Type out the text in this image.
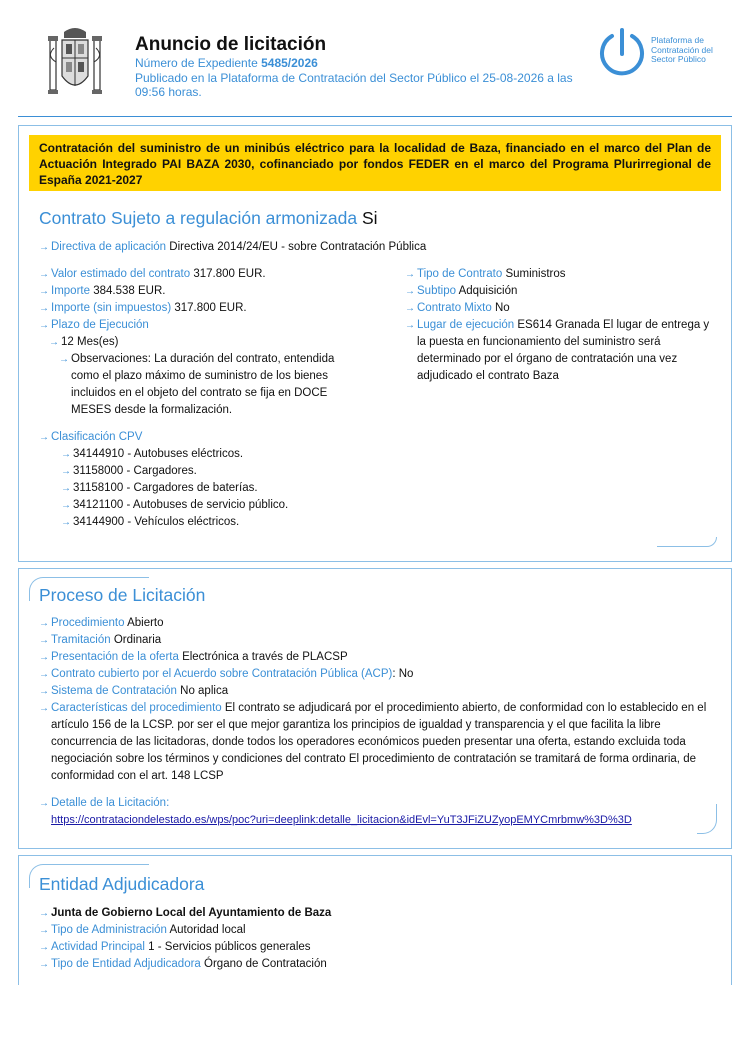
Anuncio de licitación
Número de Expediente 5485/2026
Publicado en la Plataforma de Contratación del Sector Público el 25-08-2026 a las 09:56 horas.
Plataforma de Contratación del Sector Público
Contratación del suministro de un minibús eléctrico para la localidad de Baza, financiado en el marco del Plan de Actuación Integrado PAI BAZA 2030, cofinanciado por fondos FEDER en el marco del Programa Plurirregional de España 2021-2027
Contrato Sujeto a regulación armonizada Si
→ Directiva de aplicación Directiva 2014/24/EU - sobre Contratación Pública
→ Valor estimado del contrato 317.800 EUR.
→ Importe 384.538 EUR.
→ Importe (sin impuestos) 317.800 EUR.
→ Plazo de Ejecución
→ 12 Mes(es)
→ Observaciones: La duración del contrato, entendida como el plazo máximo de suministro de los bienes incluidos en el objeto del contrato se fija en DOCE MESES desde la formalización.
→ Clasificación CPV
→ 34144910 - Autobuses eléctricos.
→ 31158000 - Cargadores.
→ 31158100 - Cargadores de baterías.
→ 34121100 - Autobuses de servicio público.
→ 34144900 - Vehículos eléctricos.
→ Tipo de Contrato Suministros
→ Subtipo Adquisición
→ Contrato Mixto No
→ Lugar de ejecución ES614 Granada El lugar de entrega y la puesta en funcionamiento del suministro será determinado por el órgano de contratación una vez adjudicado el contrato Baza
Proceso de Licitación
→ Procedimiento Abierto
→ Tramitación Ordinaria
→ Presentación de la oferta Electrónica a través de PLACSP
→ Contrato cubierto por el Acuerdo sobre Contratación Pública (ACP): No
→ Sistema de Contratación No aplica
→ Características del procedimiento El contrato se adjudicará por el procedimiento abierto, de conformidad con lo establecido en el artículo 156 de la LCSP. por ser el que mejor garantiza los principios de igualdad y transparencia y el que facilita la libre concurrencia de las licitadoras, donde todos los operadores económicos pueden presentar una oferta, estando excluida toda negociación sobre los términos y condiciones del contrato El procedimiento de contratación se tramitará de forma ordinaria, de conformidad con el art. 148 LCSP
→ Detalle de la Licitación:
https://contrataciondelestado.es/wps/poc?uri=deeplink:detalle_licitacion&idEvl=YuT3JFiZUZyopEMYCmrbmw%3D%3D
Entidad Adjudicadora
→ Junta de Gobierno Local del Ayuntamiento de Baza
→ Tipo de Administración Autoridad local
→ Actividad Principal 1 - Servicios públicos generales
→ Tipo de Entidad Adjudicadora Órgano de Contratación
